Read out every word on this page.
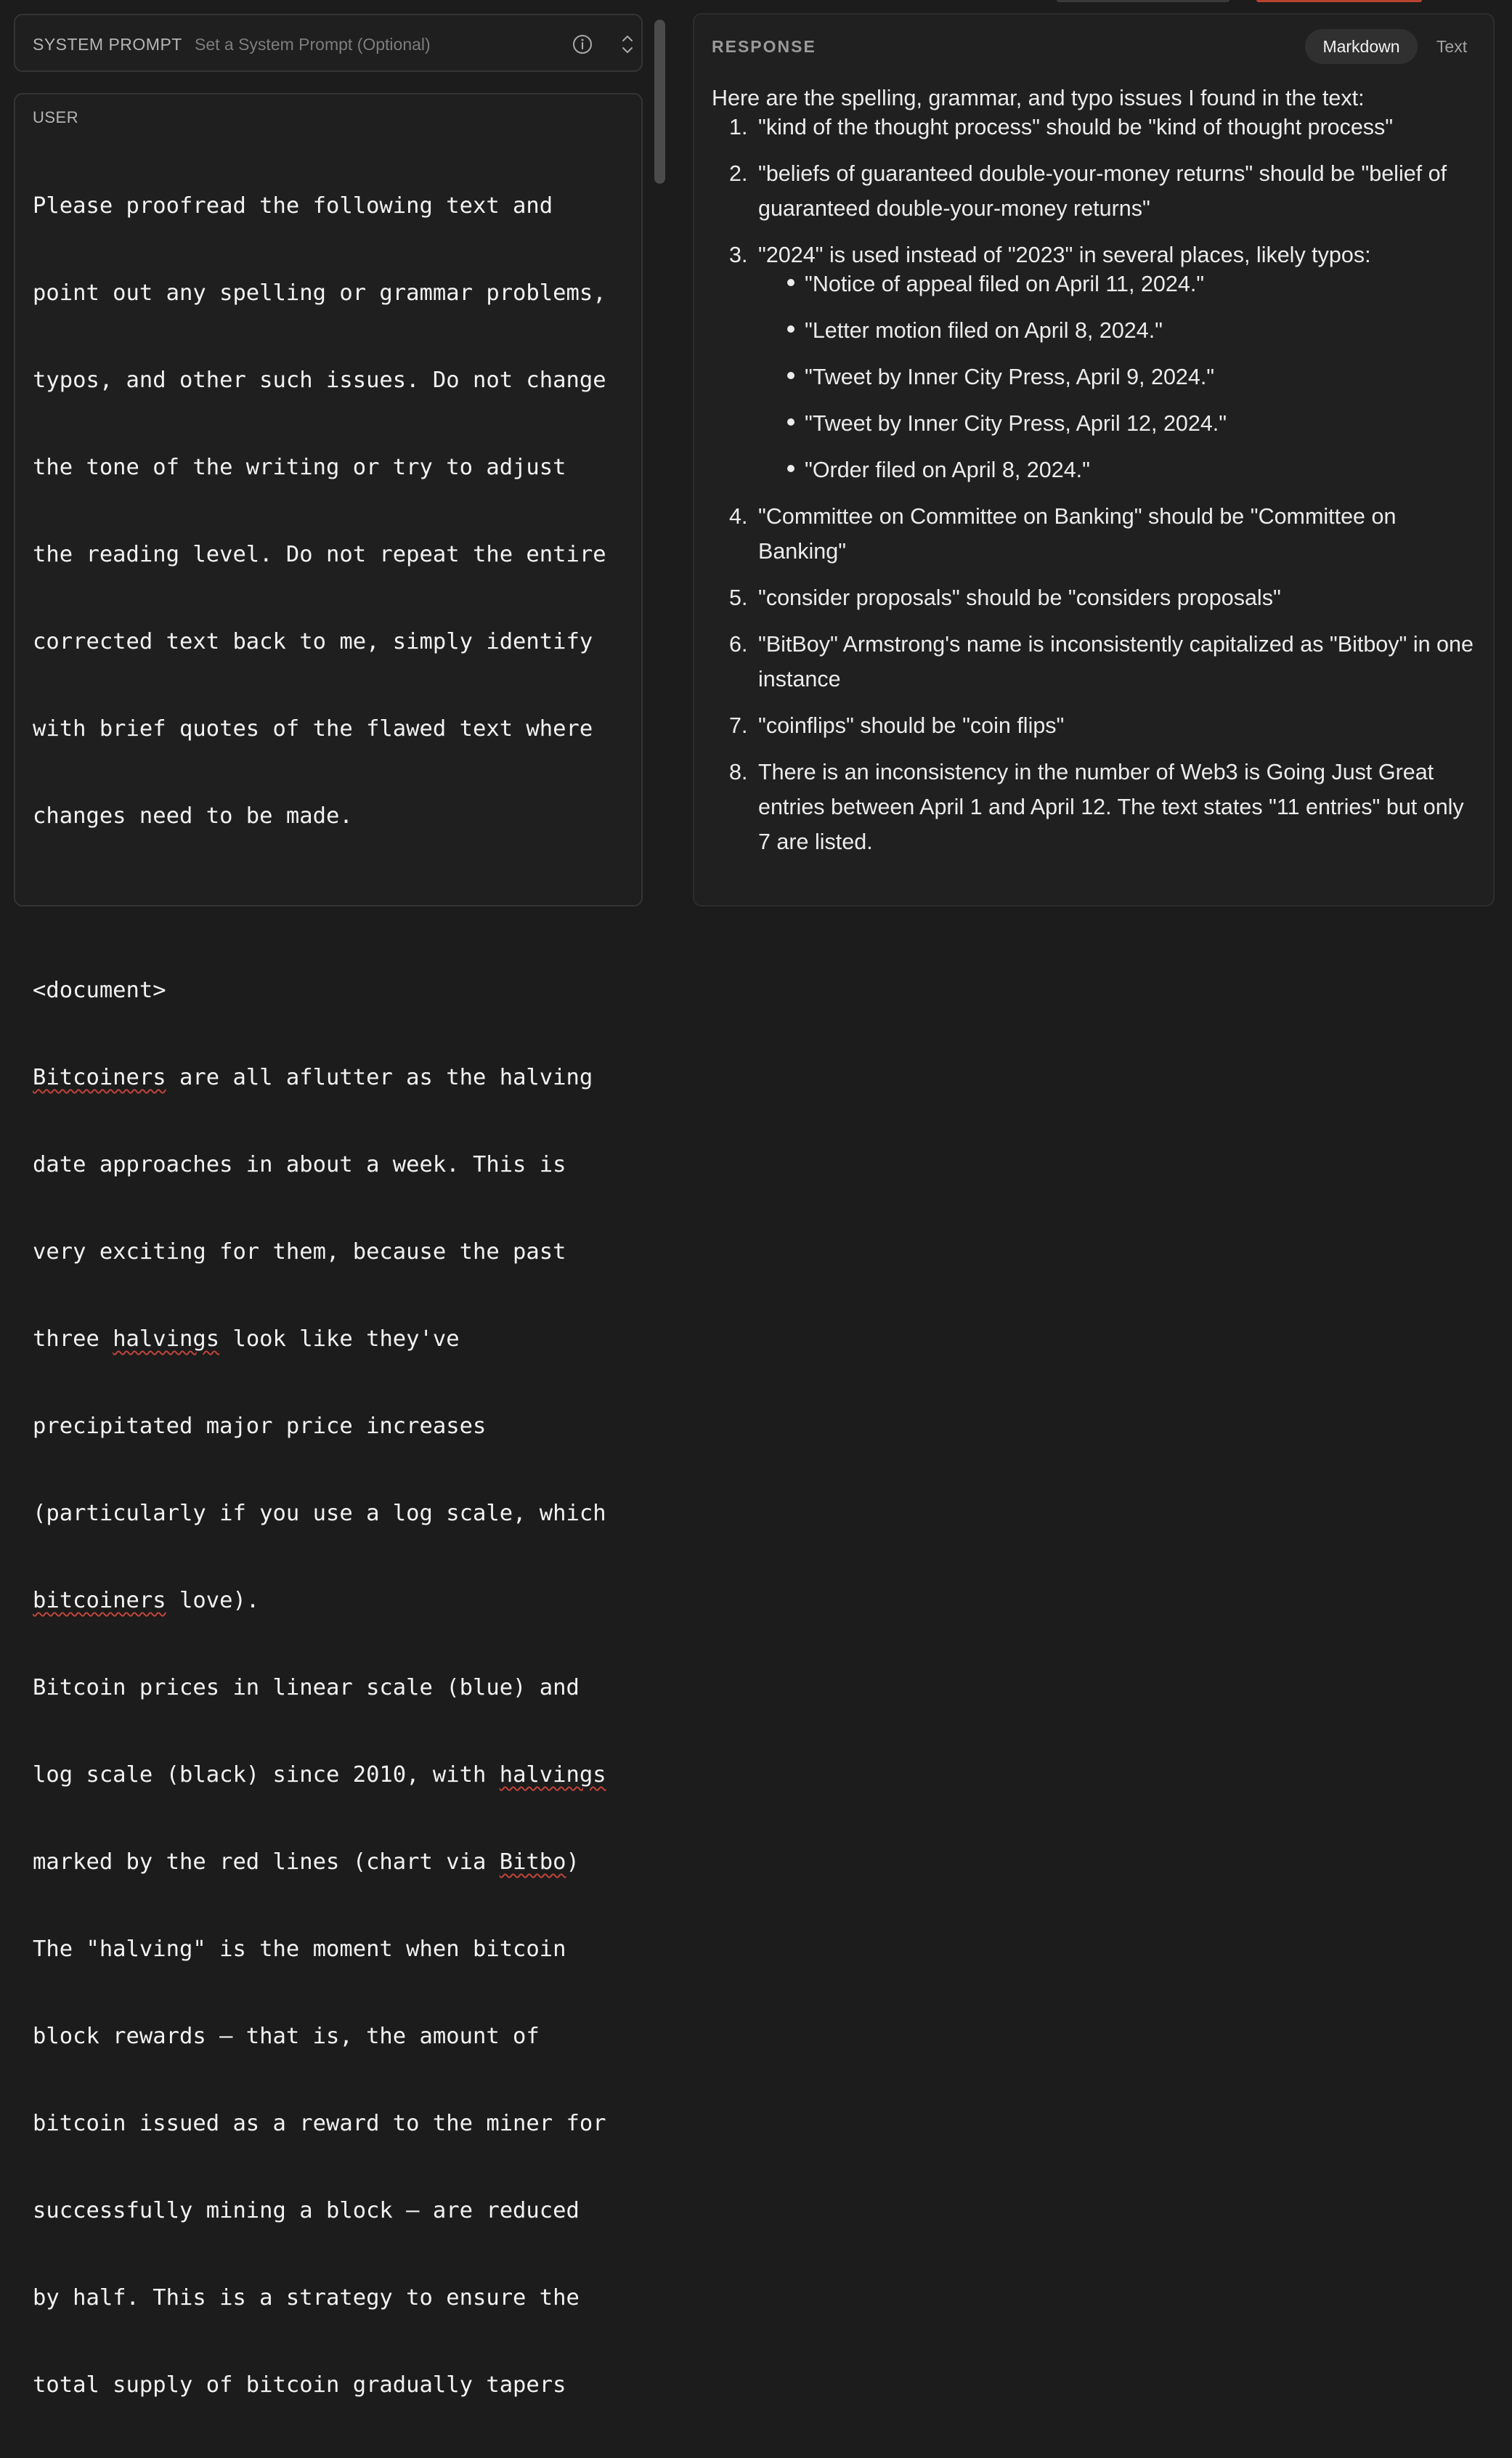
SYSTEM PROMPT Set a System Prompt (Optional)
USER

Please proofread the following text and

point out any spelling or grammar problems,

typos, and other such issues. Do not change

the tone of the writing or try to adjust

the reading level. Do not repeat the entire

corrected text back to me, simply identify

with brief quotes of the flawed text where

changes need to be made.

<document>

Bitcoiners are all aflutter as the halving

date approaches in about a week. This is

very exciting for them, because the past

three halvings look like they've

precipitated major price increases

(particularly if you use a log scale, which

bitcoiners love).

Bitcoin prices in linear scale (blue) and

log scale (black) since 2010, with halvings

marked by the red lines (chart via Bitbo)

The "halving" is the moment when bitcoin

block rewards — that is, the amount of

bitcoin issued as a reward to the miner for

successfully mining a block — are reduced

by half. This is a strategy to ensure the

total supply of bitcoin gradually tapers

RESPONSE	Markdown	Text
Here are the spelling, grammar, and typo issues I found in the text:
1. "kind of the thought process" should be "kind of thought process"
2. "beliefs of guaranteed double-your-money returns" should be "belief of guaranteed double-your-money returns"
3. "2024" is used instead of "2023" in several places, likely typos:
"Notice of appeal filed on April 11, 2024."
"Letter motion filed on April 8, 2024."
"Tweet by Inner City Press, April 9, 2024."
"Tweet by Inner City Press, April 12, 2024."
"Order filed on April 8, 2024."
4. "Committee on Committee on Banking" should be "Committee on Banking"
5. "consider proposals" should be "considers proposals"
6. "BitBoy" Armstrong's name is inconsistently capitalized as "Bitboy" in one instance
7. "coinflips" should be "coin flips"
8. There is an inconsistency in the number of Web3 is Going Just Great entries between April 1 and April 12. The text states "11 entries" but only 7 are listed.
